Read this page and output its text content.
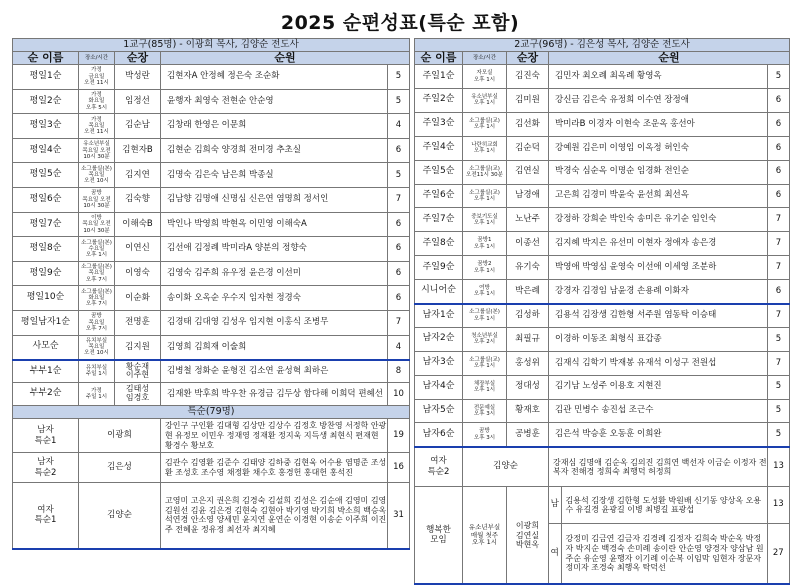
2025 순편성표(특순 포함)
1교구(85명) - 이광희 목사, 김양순 전도사				
순 이름	장소/시간	순장	순원	
평일1순	가정
금요일
오전 11시	박성란	김현자A 안정혜 정은숙 조순화	5
평일2순	가정
화요일
오후 5시	임정선	윤행자 최영숙 전현순 안순영	5
평일3순	가정
목요일
오전 11시	김순남	김창래 한영은 이문희	4
평일4순	유소년부실
목요일 오전
10시 30분	김현자B	김현순 김희숙 양경희 전미경 추초실	6
평일5순	소그룹실(본)
목요일
오전 10시	김지연	김명숙 김은숙 남은희 박종실	5
평일6순	꿈방
목요일 오전
10시 30분	김숙향	김남향 김명애 신명심 신은연 염명희 정서인	7
평일7순	이방
목요일 오전
10시 30분	이해숙B	박인나 박영희 박현옥 이민영 이해숙A	6
평일8순	소그룹실(본)
수요일
오후 1시	이연신	김선애 김정례 박미라A 양분의 정향숙	6
평일9순	소그룹실(본)
목요일
오후 7시	이영숙	김영숙 김주희 유우정 윤은경 이선미	6
평일10순	소그룹실(본)
화요일
오후 7시	이순화	송이화 오옥순 우수지 임자현 정경숙	6
평일남자1순	꿈방
목요일
오후 7시	전명훈	김경태 김대영 김성우 임지현 이홍식 조병무	7
사모순	유치부실
목요일
오전 10시	김지원	김영희 김희재 이술희	4
부부1순	유치부실
주일 1시	황순재
이주현	김병철 정화순 윤형진 김소연 윤성혁 최하은	8
부부2순	가정
주일 1시	김태성
임경호	김재환 박후희 박우찬 유경금 김두상 함다해 이희덕 편혜선	10
특순(79명)				
남자
특순1	이광희		강인구 구인환 김대형 김상만 김상수 김정호 방찬영 서정학 안광현 유정모 이민우 정재영 정재환 정지욱 지득생 최현식 편재현 황경수 황보호	19
남자
특순2	김은성		김관수 김영환 김준수 김태양 김하중 김현욱 어수용 염명준 조성환 조성호 조수영 채정환 채수호 홍경헌 홍대헌 홍석진	16
여자
특순1	김양순		고영미 고은지 권은희 김경숙 김설희 김성은 김순애 김영미 김영 김원선 김윤 김은경 김현숙 김현아 박기영 박기희 박소희 백승옥 석연경 안소영 양세민 윤지연 윤연순 이경현 이송순 이주희 이진주 전혜윤 정유정 최선자 최지혜	31
2교구(96명) - 김은성 목사, 김양순 전도사
순 이름	장소/시간	순장	순원
주일1순	자모실
오후 1시	김진숙	김민자 최오례 최옥례 황영옥	5
주일2순	유소년부실
오후 1시	김미원	강신금 김은숙 유정희 이수연 장정애	6
주일3순	소그룹실(교)
오후 1시	김선화	박미라B 이경자 이현숙 조운옥 홍선아	6
주일4순	나란히교회
오후 1시	김순덕	강예원 김은미 이영임 이옥정 허인숙	6
주일5순	소그룹실(교)
오전11시 30분	김연실	박경숙 심순옥 이명순 임경화 전인순	6
주일6순	소그룹실(교)
오후 1시	남경애	고은희 김경미 박윤숙 윤선희 최선옥	6
주일7순	중보기도실
오후 1시	노난주	강정하 강희순 박인숙 송미은 유기순 임인숙	7
주일8순	꿈방1
오후 1시	이종선	김지혜 박지은 유선미 이현자 정애자 송은경	7
주일9순	꿈방2
오후 1시	유기숙	박영애 박영심 윤영숙 이선애 이세영 조분하	7
시니어순	여방
오후 1시	박은례	강경자 김경임 남윤경 손용례 이화자	6
남자1순	소그룹실(본)
오후 1시	김성하	김용석 김장생 김한형 서주원 염동탁 이승태	7
남자2순	청소년부실
오후 2시	최필규	이경하 이동조 최형식 표갑종	5
남자3순	소그룹실(교)
오후 1시	홍성위	김재식 김학기 박재봉 유재석 이성구 전원섭	7
남자4순	체장부실
오후 1시	정대성	김기남 노성주 이용호 지현진	5
남자5순	전문예실
오후 3시	황재호	김관 민병수 송진섭 조근수	5
남자6순	꿈방
오후 3시	공병훈	김은석 박승훈 오동훈 이희완	5
여자
특순2	김양순	강재심 김명애 김순옥 김의진 김희연 백선자 이금순 이정자 전복자 전해경 정희숙 최행덕 허정희	13
행복한
모임	유소년부실
매월 첫주
오후 1시	이광희
김연실
박현옥	
남	김용석 김장생 김한형 도성환 박원배 신기동 양상옥 오용수 유길경 윤광길 이병 최병길 표광섭	13
여	강정미 김금연 김금자 김경례 김정자 김희숙 박순옥 박정자 박지순 백경숙 손미례 송이란 안순영 양경자 양삼남 원주순 유순영 윤행자 이기례 이순복 이임막 임현자 장문자 정미자 조경숙 최행옥 탁덕선	27
